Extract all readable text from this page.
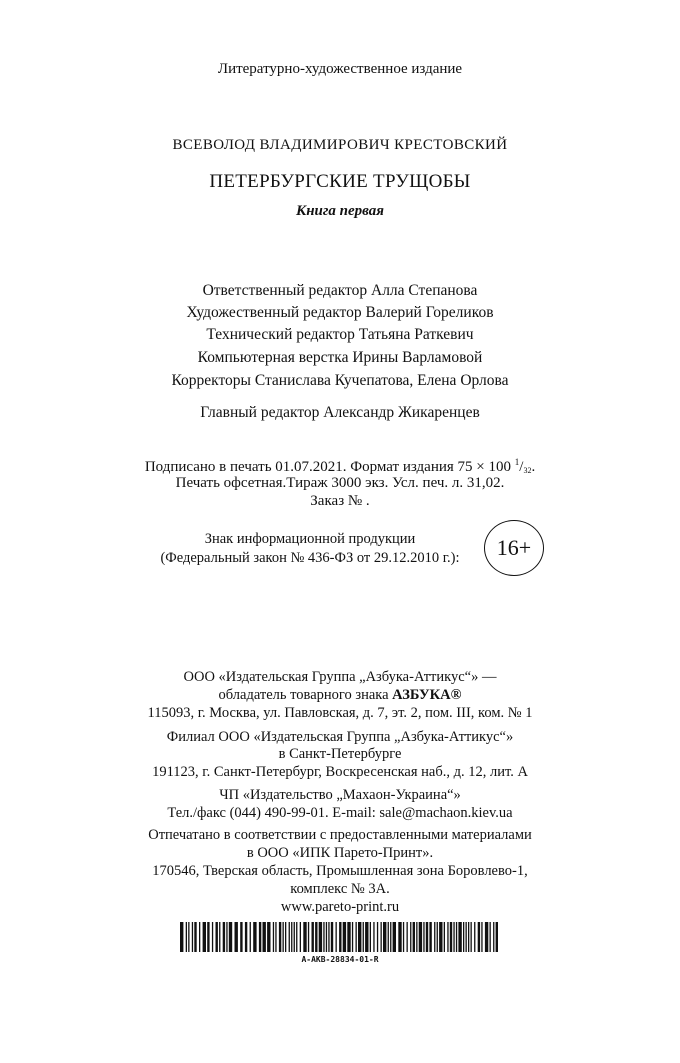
Литературно-художественное издание
ВСЕВОЛОД ВЛАДИМИРОВИЧ КРЕСТОВСКИЙ
ПЕТЕРБУРГСКИЕ ТРУЩОБЫ
Книга первая
Ответственный редактор Алла Степанова
Художественный редактор Валерий Гореликов
Технический редактор Татьяна Раткевич
Компьютерная верстка Ирины Варламовой
Корректоры Станислава Кучепатова, Елена Орлова
Главный редактор Александр Жикаренцев
Подписано в печать 01.07.2021. Формат издания 75 × 100 $^1/_{32}$.
Печать офсетная.Тираж 3000 экз. Усл. печ. л. 31,02.
Заказ № .
Знак информационной продукции
(Федеральный закон № 436-ФЗ от 29.12.2010 г.):	16+
ООО «Издательская Группа „Азбука-Аттикус“» —
обладатель товарного знака АЗБУКА®
115093, г. Москва, ул. Павловская, д. 7, эт. 2, пом. III, ком. № 1
Филиал ООО «Издательская Группа „Азбука-Аттикус“»
в Санкт-Петербурге
191123, г. Санкт-Петербург, Воскресенская наб., д. 12, лит. А
ЧП «Издательство „Махаон-Украина“»
Тел./факс (044) 490-99-01. E-mail: sale@machaon.kiev.ua
Отпечатано в соответствии с предоставленными материалами
в ООО «ИПК Парето-Принт».
170546, Тверская область, Промышленная зона Боровлево-1,
комплекс № 3А.
www.pareto-print.ru
A-AKB-28834-01-R
